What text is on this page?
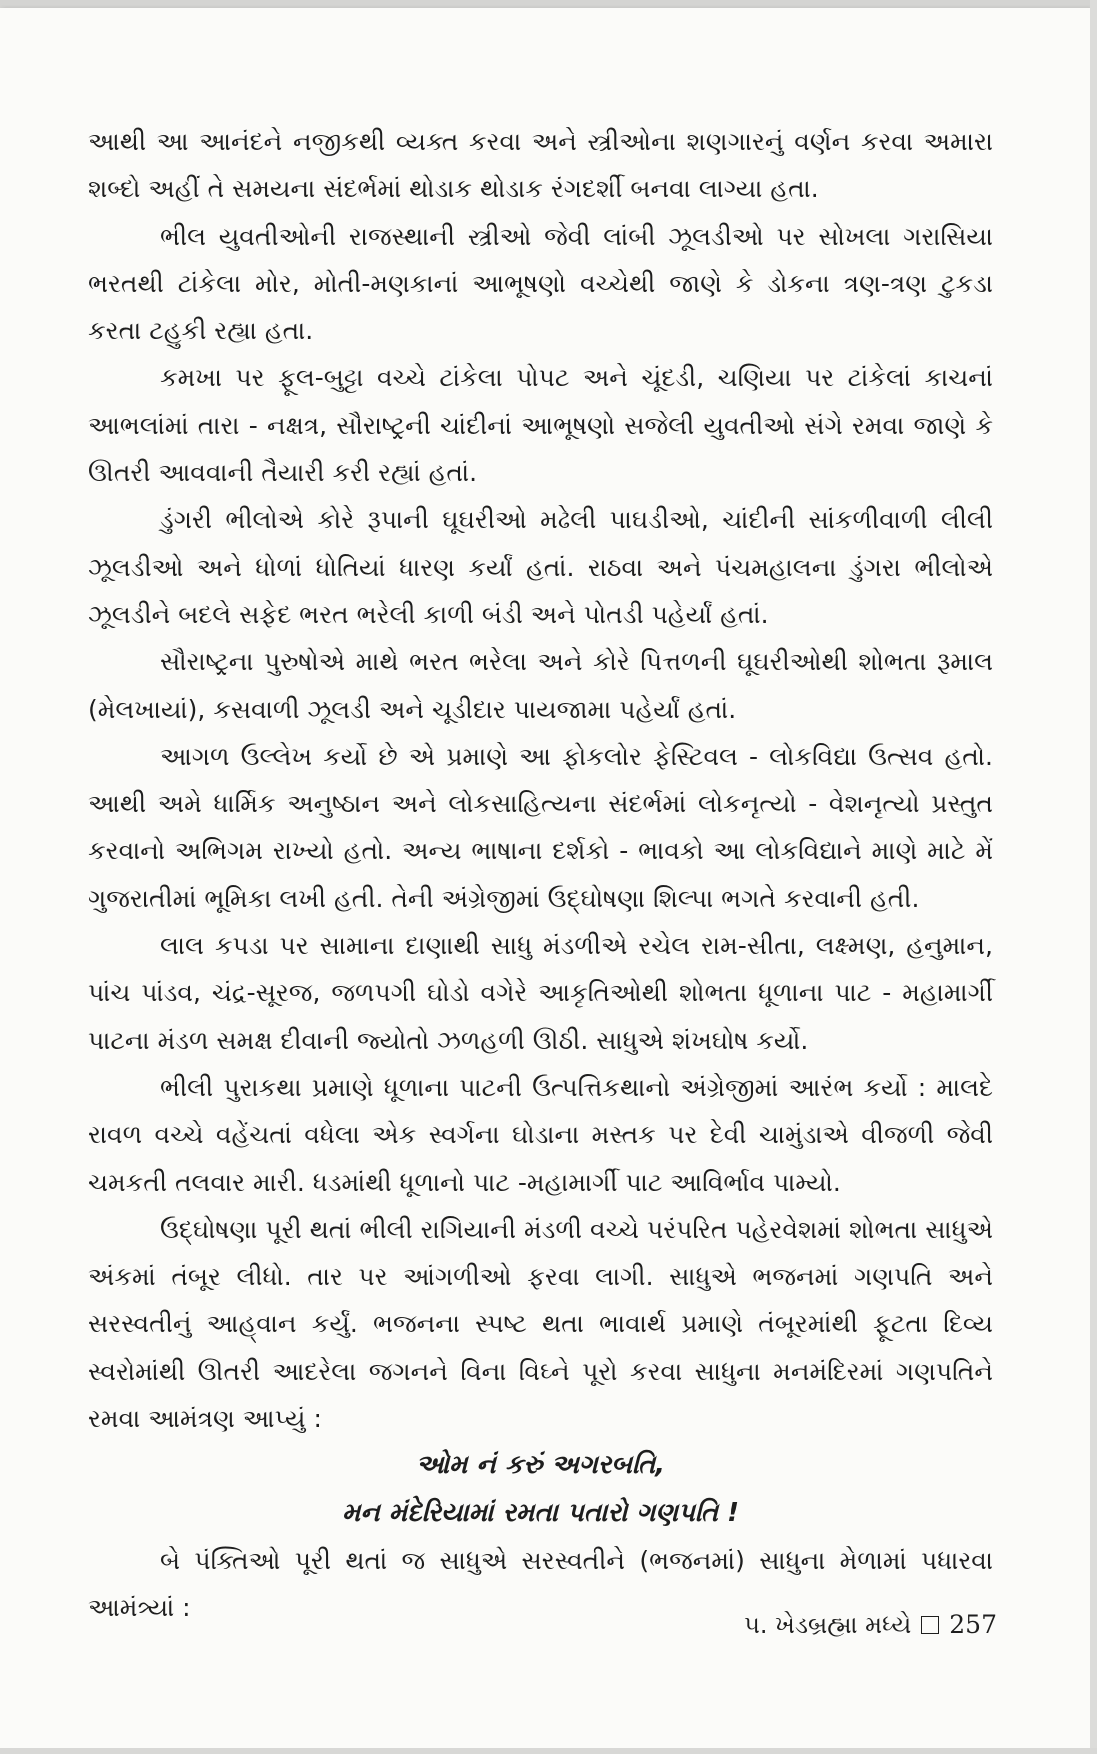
આથી આ આનંદને નજીકથી વ્યક્ત કરવા અને સ્ત્રીઓના શણગારનું વર્ણન કરવા અમારા શબ્દો અહીં તે સમયના સંદર્ભમાં થોડાક થોડાક રંગદર્શી બનવા લાગ્યા હતા.

ભીલ યુવતીઓની રાજસ્થાની સ્ત્રીઓ જેવી લાંબી ઝૂલડીઓ પર સોખલા ગરાસિયા ભરતથી ટાંકેલા મોર, મોતી-મણકાનાં આભૂષણો વચ્ચેથી જાણે કે ડોકના ત્રણ-ત્રણ ટુકડા કરતા ટહુકી રહ્યા હતા.

કમખા પર ફૂલ-બુટ્ટા વચ્ચે ટાંકેલા પોપટ અને ચૂંદડી, ચણિયા પર ટાંકેલાં કાચનાં આભલાંમાં તારા - નક્ષત્ર, સૌરાષ્ટ્રની ચાંદીનાં આભૂષણો સજેલી યુવતીઓ સંગે રમવા જાણે કે ઊતરી આવવાની તૈયારી કરી રહ્યાં હતાં.

ડુંગરી ભીલોએ કોરે રૂપાની ઘૂઘરીઓ મઢેલી પાઘડીઓ, ચાંદીની સાંકળીવાળી લીલી ઝૂલડીઓ અને ધોળાં ધોતિયાં ધારણ કર્યાં હતાં. રાઠવા અને પંચમહાલના ડુંગરા ભીલોએ ઝૂલડીને બદલે સફેદ ભરત ભરેલી કાળી બંડી અને પોતડી પહેર્યાં હતાં.

સૌરાષ્ટ્રના પુરુષોએ માથે ભરત ભરેલા અને કોરે પિત્તળની ઘૂઘરીઓથી શોભતા રૂમાલ (મેલખાયાં), કસવાળી ઝૂલડી અને ચૂડીદાર પાયજામા પહેર્યાં હતાં.

આગળ ઉલ્લેખ કર્યો છે એ પ્રમાણે આ ફોકલોર ફેસ્ટિવલ - લોકવિદ્યા ઉત્સવ હતો. આથી અમે ધાર્મિક અનુષ્ઠાન અને લોકસાહિત્યના સંદર્ભમાં લોકનૃત્યો - વેશનૃત્યો પ્રસ્તુત કરવાનો અભિગમ રાખ્યો હતો. અન્ય ભાષાના દર્શકો - ભાવકો આ લોકવિદ્યાને માણે માટે મેં ગુજરાતીમાં ભૂમિકા લખી હતી. તેની અંગ્રેજીમાં ઉદ્‌ઘોષણા શિલ્પા ભગતે કરવાની હતી.

લાલ કપડા પર સામાના દાણાથી સાધુ મંડળીએ રચેલ રામ-સીતા, લક્ષ્મણ, હનુમાન, પાંચ પાંડવ, ચંદ્ર-સૂરજ, જળપગી ઘોડો વગેરે આકૃતિઓથી શોભતા ધૂળાના પાટ - મહામાર્ગી પાટના મંડળ સમક્ષ દીવાની જ્યોતો ઝળહળી ઊઠી. સાધુએ શંખઘોષ કર્યો.

ભીલી પુરાકથા પ્રમાણે ધૂળાના પાટની ઉત્પત્તિકથાનો અંગ્રેજીમાં આરંભ કર્યો : માલદે રાવળ વચ્ચે વહેંચતાં વધેલા એક સ્વર્ગના ઘોડાના મસ્તક પર દેવી ચામુંડાએ વીજળી જેવી ચમકતી તલવાર મારી. ધડમાંથી ધૂળાનો પાટ -મહામાર્ગી પાટ આવિર્ભાવ પામ્યો.

ઉદ્‌ઘોષણા પૂરી થતાં ભીલી રાગિયાની મંડળી વચ્ચે પરંપરિત પહેરવેશમાં શોભતા સાધુએ અંકમાં તંબૂર લીધો. તાર પર આંગળીઓ ફરવા લાગી. સાધુએ ભજનમાં ગણપતિ અને સરસ્વતીનું આહ્‌વાન કર્યું. ભજનના સ્પષ્ટ થતા ભાવાર્થ પ્રમાણે તંબૂરમાંથી ફૂટતા દિવ્ય સ્વરોમાંથી ઊતરી આદરેલા જગનને વિના વિઘ્ને પૂરો કરવા સાધુના મનમંદિરમાં ગણપતિને રમવા આમંત્રણ આપ્યું :

ઓમ નં કરું અગરબતિ,

મન મંદેરિયામાં રમતા પતારો ગણપતિ !

બે પંક્તિઓ પૂરી થતાં જ સાધુએ સરસ્વતીને (ભજનમાં) સાધુના મેળામાં પધારવા આમંત્ર્યાં :

૫. ખેડબ્રહ્મા મધ્યે 257
